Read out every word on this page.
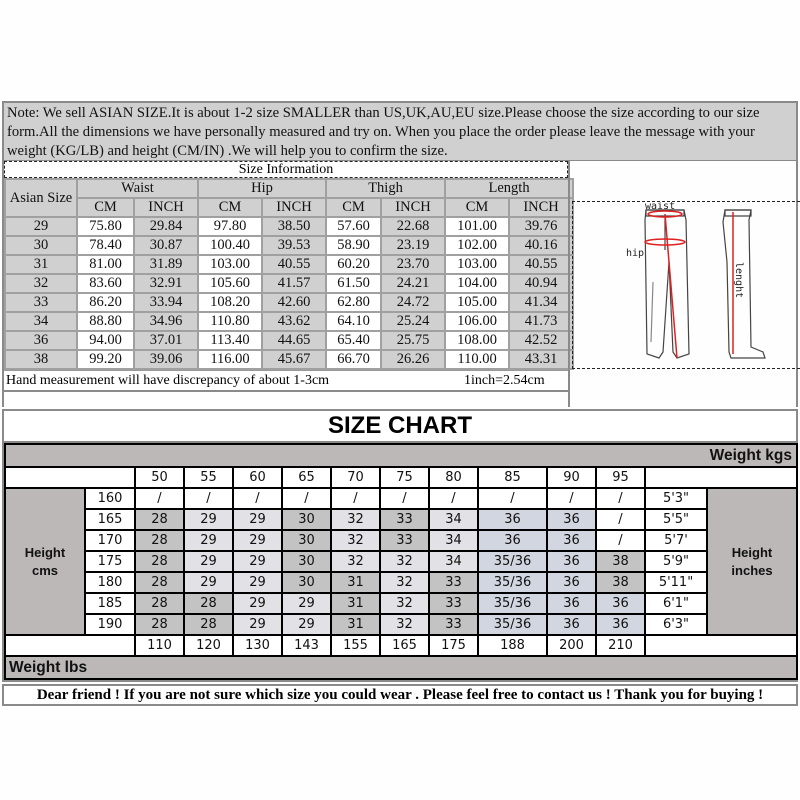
Note: We sell ASIAN SIZE.It is about 1-2 size SMALLER than US,UK,AU,EU size.Please choose the size according to our size form.All the dimensions we have personally measured and try on. When you place the order please leave the message with your weight (KG/LB) and height (CM/IN) .We will help you to confirm the size.
Size Information
Asian Size	Waist		Hip		Thigh		Length	
	CM	INCH	CM	INCH	CM	INCH	CM	INCH
29	75.80	29.84	97.80	38.50	57.60	22.68	101.00	39.76
30	78.40	30.87	100.40	39.53	58.90	23.19	102.00	40.16
31	81.00	31.89	103.00	40.55	60.20	23.70	103.00	40.55
32	83.60	32.91	105.60	41.57	61.50	24.21	104.00	40.94
33	86.20	33.94	108.20	42.60	62.80	24.72	105.00	41.34
34	88.80	34.96	110.80	43.62	64.10	25.24	106.00	41.73
36	94.00	37.01	113.40	44.65	65.40	25.75	108.00	42.52
38	99.20	39.06	116.00	45.67	66.70	26.26	110.00	43.31
Hand measurement will have discrepancy of about 1-3cm	1inch=2.54cm
waist
hip
lenght
SIZE CHART
Weight kgs													
		50	55	60	65	70	75	80	85	90	95		
Height
cms	160	/	/	/	/	/	/	/	/	/	/	5'3"	Height
inches
	165	28	29	29	30	32	33	34	36	36	/	5'5"	
	170	28	29	29	30	32	33	34	36	36	/	5'7'	
	175	28	29	29	30	32	32	34	35/36	36	38	5'9"	
	180	28	29	29	30	31	32	33	35/36	36	38	5'11"	
	185	28	28	29	29	31	32	33	35/36	36	36	6'1"	
	190	28	28	29	29	31	32	33	35/36	36	36	6'3"	
		110	120	130	143	155	165	175	188	200	210		
Weight lbs													
Dear friend ! If you are not sure which size you could wear . Please feel free to contact us ! Thank you for buying !
